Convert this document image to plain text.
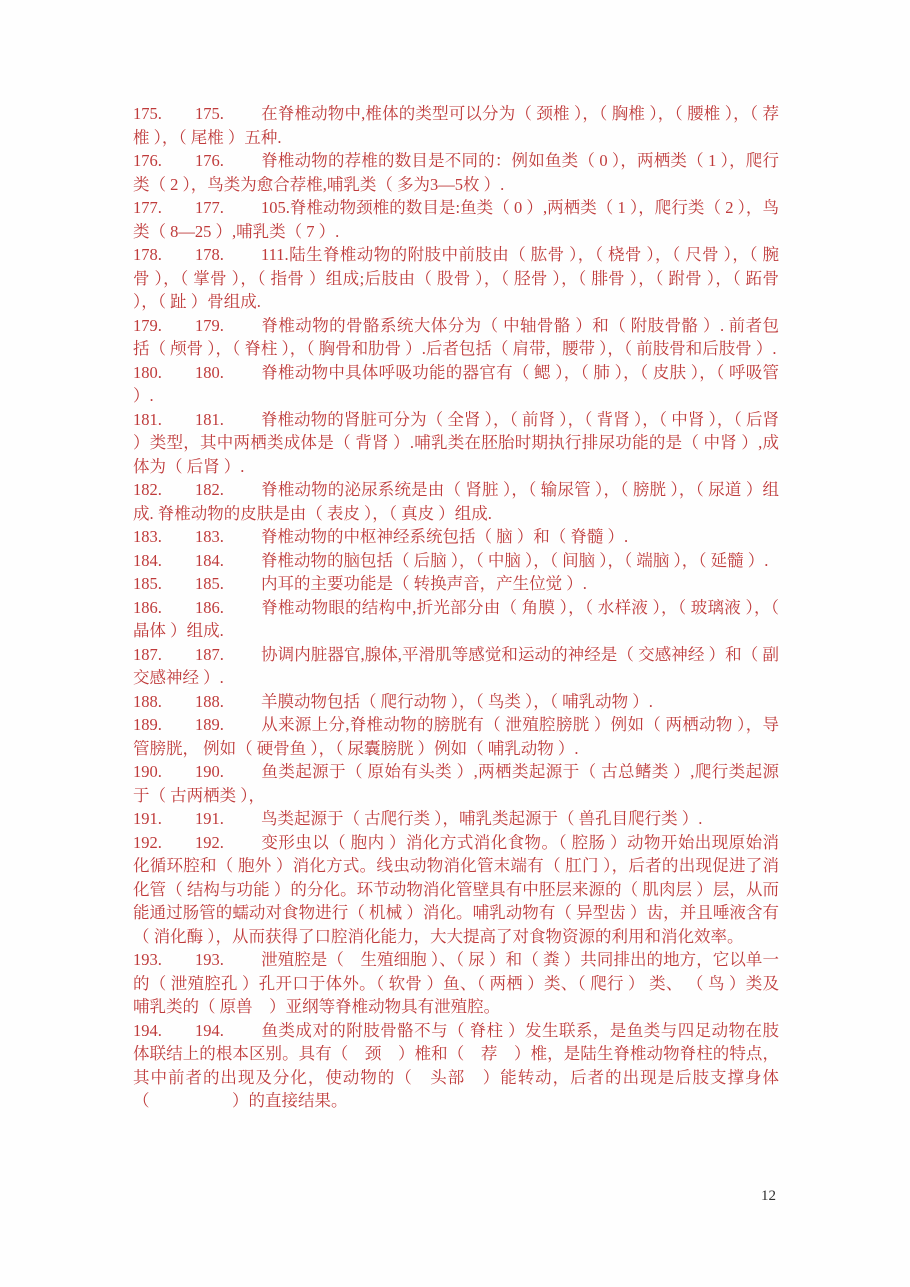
175. 175. 在脊椎动物中,椎体的类型可以分为（ 颈椎 ），（ 胸椎 ），（ 腰椎 ），（ 荐椎 ），（ 尾椎 ）五种.

176. 176. 脊椎动物的荐椎的数目是不同的：例如鱼类（ 0 ），两栖类（ 1 ），爬行类（ 2 ），鸟类为愈合荐椎,哺乳类（ 多为3—5枚 ）.

177. 177. 105.脊椎动物颈椎的数目是:鱼类（ 0 ）,两栖类（ 1 ），爬行类（ 2 ），鸟类（ 8—25 ）,哺乳类（ 7 ）.

178. 178. 111.陆生脊椎动物的附肢中前肢由（ 肱骨 ），（ 桡骨 ），（ 尺骨 ），（ 腕骨 ），（ 掌骨 ），（ 指骨 ）组成;后肢由（ 股骨 ），（ 胫骨 ），（ 腓骨 ），（ 跗骨 ），（ 跖骨 ），（ 趾 ）骨组成.

179. 179. 脊椎动物的骨骼系统大体分为（ 中轴骨骼 ）和（ 附肢骨骼 ）. 前者包括（ 颅骨 ），（ 脊柱 ），（ 胸骨和肋骨 ）.后者包括（ 肩带，腰带 ），（ 前肢骨和后肢骨 ）.

180. 180. 脊椎动物中具体呼吸功能的器官有（ 鳃 ），（ 肺 ），（ 皮肤 ），（ 呼吸管 ）.

181. 181. 脊椎动物的肾脏可分为（ 全肾 ），（ 前肾 ），（ 背肾 ），（ 中肾 ），（ 后肾 ）类型，其中两栖类成体是（ 背肾 ）.哺乳类在胚胎时期执行排尿功能的是（ 中肾 ）,成体为（ 后肾 ）.

182. 182. 脊椎动物的泌尿系统是由（ 肾脏 ），（ 输尿管 ），（ 膀胱 ），（ 尿道 ）组成. 脊椎动物的皮肤是由（ 表皮 ），（ 真皮 ）组成.

183. 183. 脊椎动物的中枢神经系统包括（ 脑 ）和（ 脊髓 ）.

184. 184. 脊椎动物的脑包括（ 后脑 ），（ 中脑 ），（ 间脑 ），（ 端脑 ），（ 延髓 ）.

185. 185. 内耳的主要功能是（ 转换声音，产生位觉 ）.

186. 186. 脊椎动物眼的结构中,折光部分由（ 角膜 ），（ 水样液 ），（ 玻璃液 ），（ 晶体 ）组成.

187. 187. 协调内脏器官,腺体,平滑肌等感觉和运动的神经是（ 交感神经 ）和（ 副交感神经 ）.

188. 188. 羊膜动物包括（ 爬行动物 ），（ 鸟类 ），（ 哺乳动物 ）.

189. 189. 从来源上分,脊椎动物的膀胱有（ 泄殖腔膀胱 ）例如（ 两栖动物 ），导管膀胱， 例如（ 硬骨鱼 ），（ 尿囊膀胱 ）例如（ 哺乳动物 ）.

190. 190. 鱼类起源于（ 原始有头类 ）,两栖类起源于（ 古总鳍类 ）,爬行类起源于（ 古两栖类 ），

191. 191. 鸟类起源于（ 古爬行类 ），哺乳类起源于（ 兽孔目爬行类 ）.

192. 192. 变形虫以（ 胞内 ）消化方式消化食物。（ 腔肠 ）动物开始出现原始消化循环腔和（ 胞外 ）消化方式。线虫动物消化管末端有（ 肛门 ），后者的出现促进了消化管（ 结构与功能 ）的分化。环节动物消化管壁具有中胚层来源的（ 肌肉层 ）层，从而能通过肠管的蠕动对食物进行（ 机械 ）消化。哺乳动物有（ 异型齿 ）齿，并且唾液含有（ 消化酶 ），从而获得了口腔消化能力，大大提高了对食物资源的利用和消化效率。

193. 193. 泄殖腔是（　生殖细胞 ）、（ 尿 ）和（ 粪 ）共同排出的地方，它以单一的（ 泄殖腔孔 ）孔开口于体外。（ 软骨 ）鱼、（ 两栖 ）类、（ 爬行 ） 类、 （ 鸟 ）类及哺乳类的（ 原兽　）亚纲等脊椎动物具有泄殖腔。

194. 194. 鱼类成对的附肢骨骼不与（ 脊柱 ）发生联系，是鱼类与四足动物在肢体联结上的根本区别。具有（　颈　）椎和（　荐　）椎，是陆生脊椎动物脊柱的特点，其中前者的出现及分化，使动物的（　头部　）能转动，后者的出现是后肢支撑身体（　　　　　）的直接结果。

12
